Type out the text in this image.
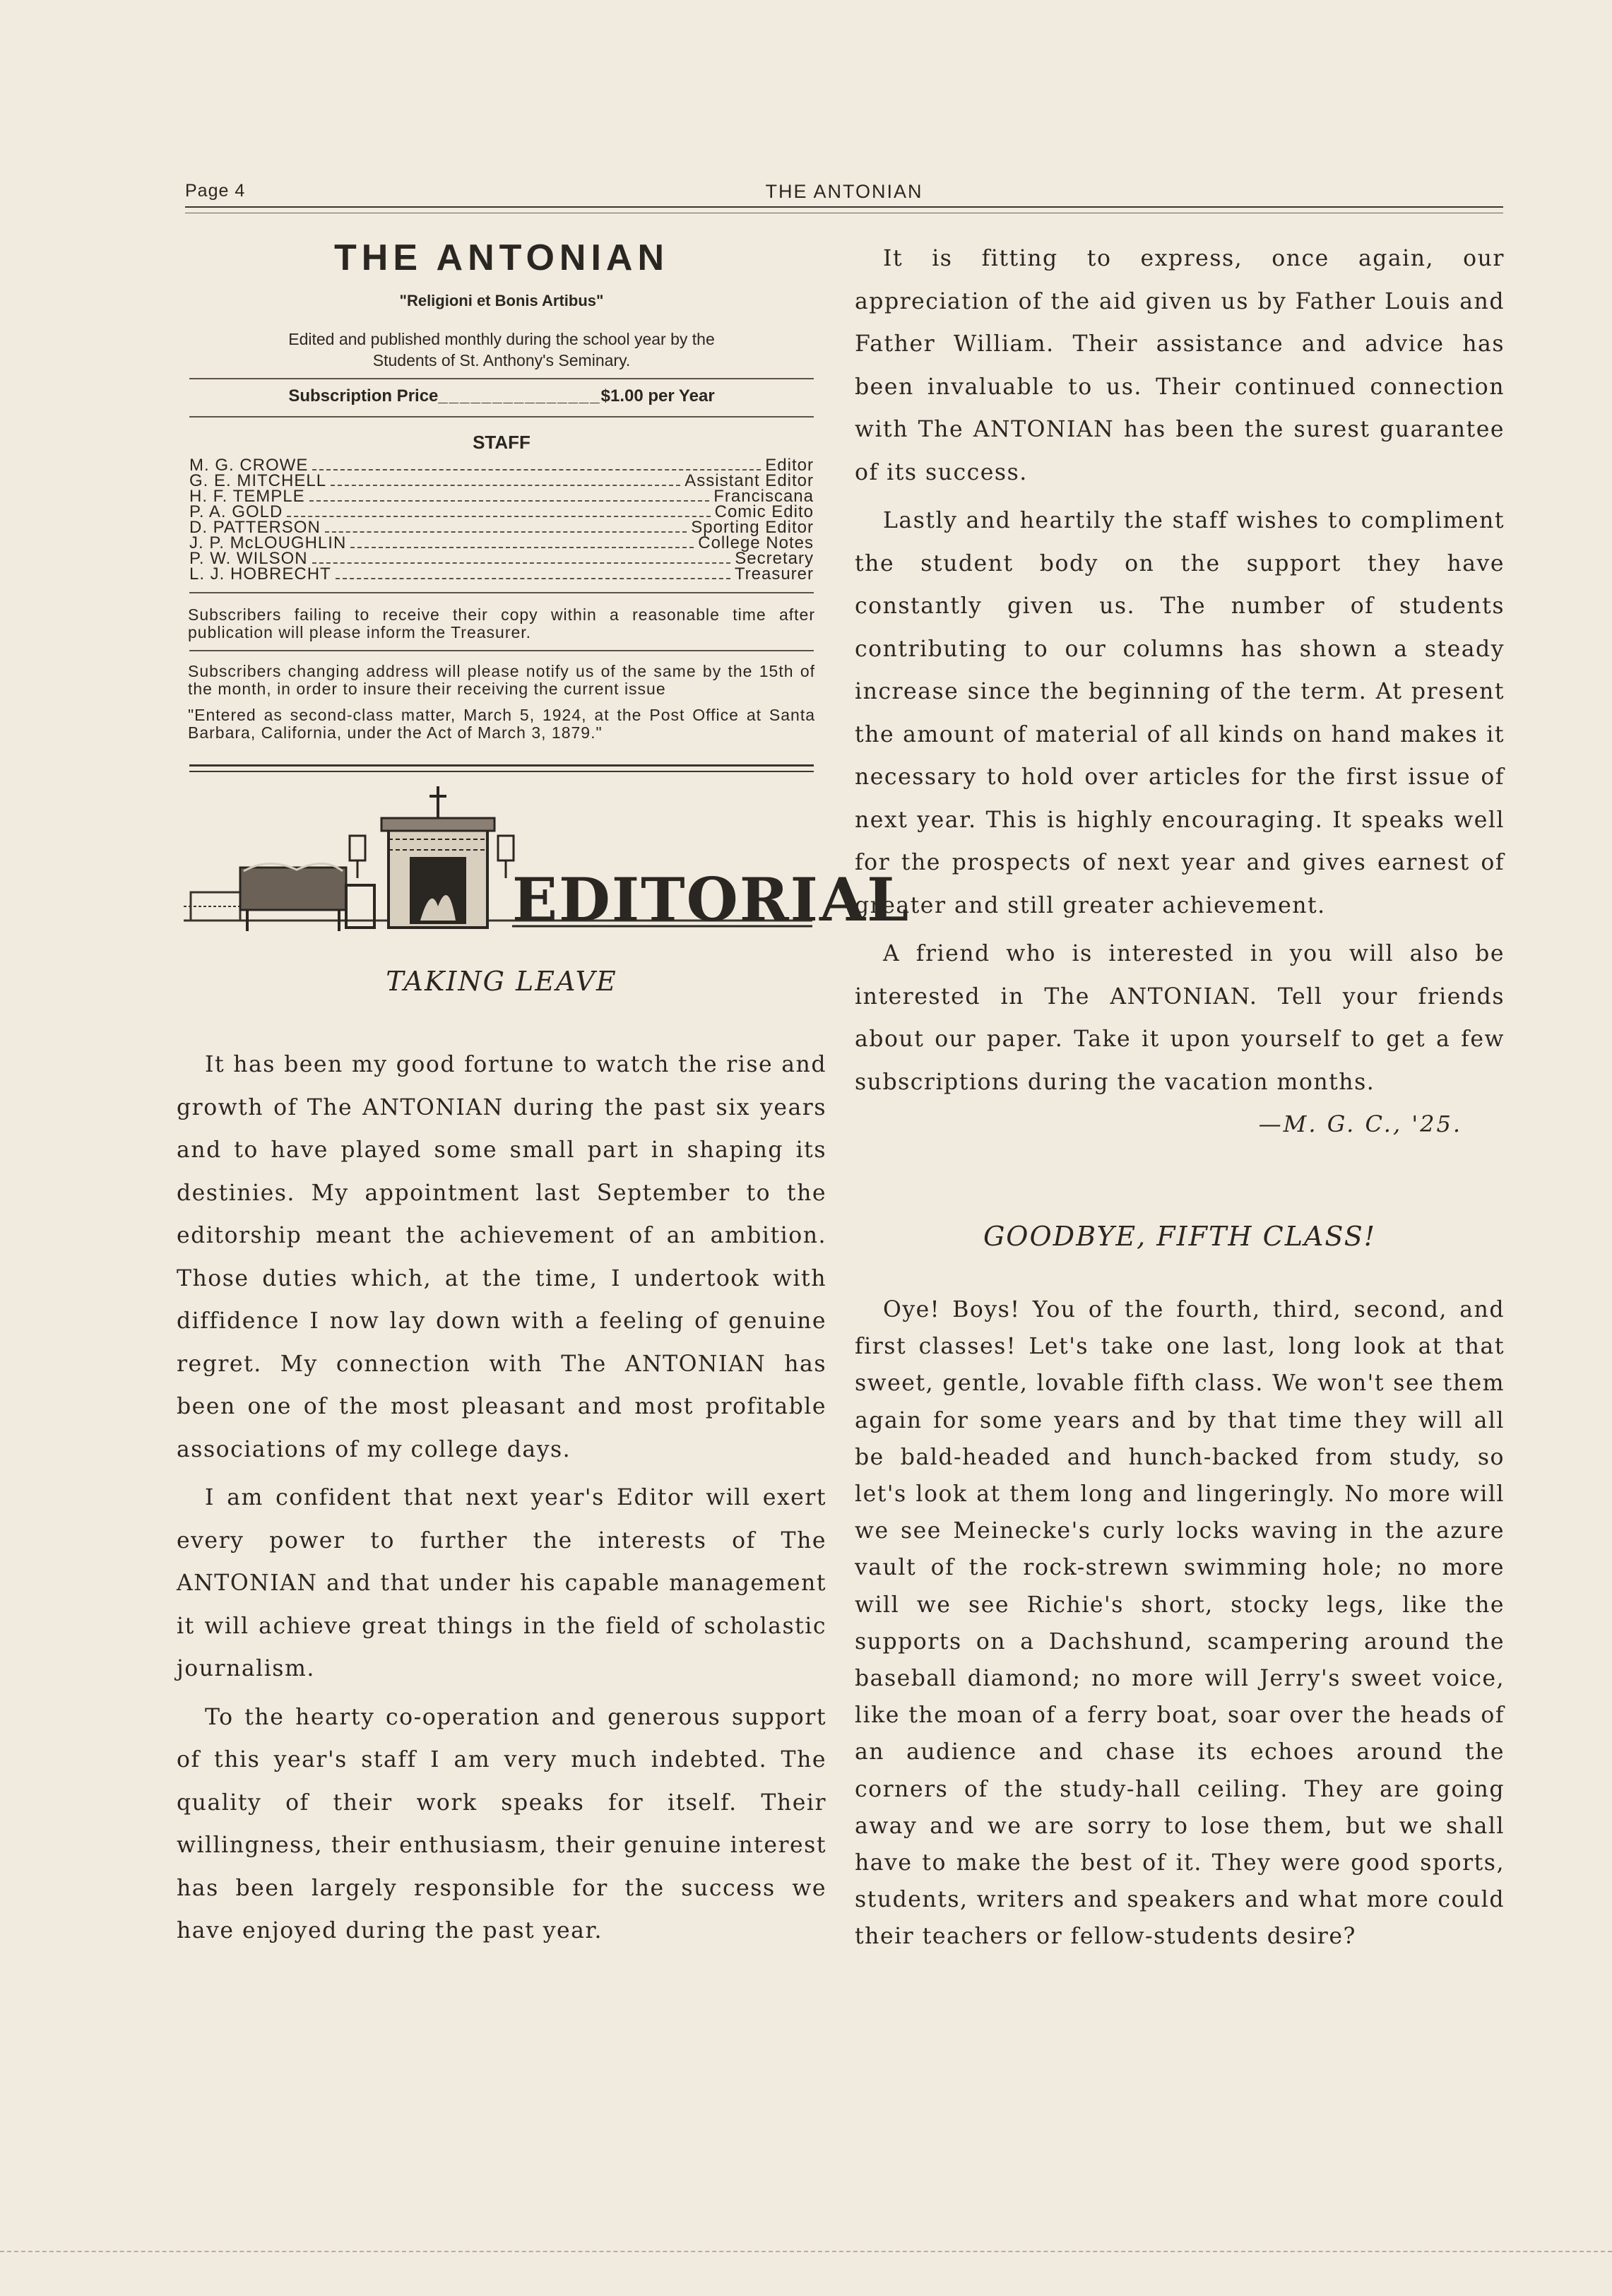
Page 4	THE ANTONIAN
THE ANTONIAN
"Religioni et Bonis Artibus"
Edited and published monthly during the school year by the
Students of St. Anthony's Seminary.
Subscription Price_______________$1.00 per Year
STAFF
M. G. CROWE	Editor
G. E. MITCHELL	Assistant Editor
H. F. TEMPLE	Franciscana
P. A. GOLD	Comic Edito
D. PATTERSON	Sporting Editor
J. P. McLOUGHLIN	College Notes
P. W. WILSON	Secretary
L. J. HOBRECHT	Treasurer
Subscribers failing to receive their copy within a reasonable time after publication will please inform the Treasurer.
Subscribers changing address will please notify us of the same by the 15th of the month, in order to insure their receiving the current issue
"Entered as second-class matter, March 5, 1924, at the Post Office at Santa Barbara, California, under the Act of March 3, 1879."
EDITORIAL
TAKING LEAVE

It has been my good fortune to watch the rise and growth of The ANTONIAN during the past six years and to have played some small part in shaping its destinies. My appointment last September to the editorship meant the achievement of an ambition. Those duties which, at the time, I undertook with diffidence I now lay down with a feeling of genuine regret. My connection with The ANTONIAN has been one of the most pleasant and most profitable associations of my college days.

I am confident that next year's Editor will exert every power to further the interests of The ANTONIAN and that under his capable management it will achieve great things in the field of scholastic journalism.

To the hearty co-operation and generous support of this year's staff I am very much indebted. The quality of their work speaks for itself. Their willingness, their enthusiasm, their genuine interest has been largely responsible for the success we have enjoyed during the past year.

It is fitting to express, once again, our appreciation of the aid given us by Father Louis and Father William. Their assistance and advice has been invaluable to us. Their continued connection with The ANTONIAN has been the surest guarantee of its success.

Lastly and heartily the staff wishes to compliment the student body on the support they have constantly given us. The number of students contributing to our columns has shown a steady increase since the beginning of the term. At present the amount of material of all kinds on hand makes it necessary to hold over articles for the first issue of next year. This is highly encouraging. It speaks well for the prospects of next year and gives earnest of greater and still greater achievement.

A friend who is interested in you will also be interested in The ANTONIAN. Tell your friends about our paper. Take it upon yourself to get a few subscriptions during the vacation months.

—M. G. C., '25.
GOODBYE, FIFTH CLASS!

Oye! Boys! You of the fourth, third, second, and first classes! Let's take one last, long look at that sweet, gentle, lovable fifth class. We won't see them again for some years and by that time they will all be bald-headed and hunch-backed from study, so let's look at them long and lingeringly. No more will we see Meinecke's curly locks waving in the azure vault of the rock-strewn swimming hole; no more will we see Richie's short, stocky legs, like the supports on a Dachshund, scampering around the baseball diamond; no more will Jerry's sweet voice, like the moan of a ferry boat, soar over the heads of an audience and chase its echoes around the corners of the study-hall ceiling. They are going away and we are sorry to lose them, but we shall have to make the best of it. They were good sports, students, writers and speakers and what more could their teachers or fellow-students desire?
